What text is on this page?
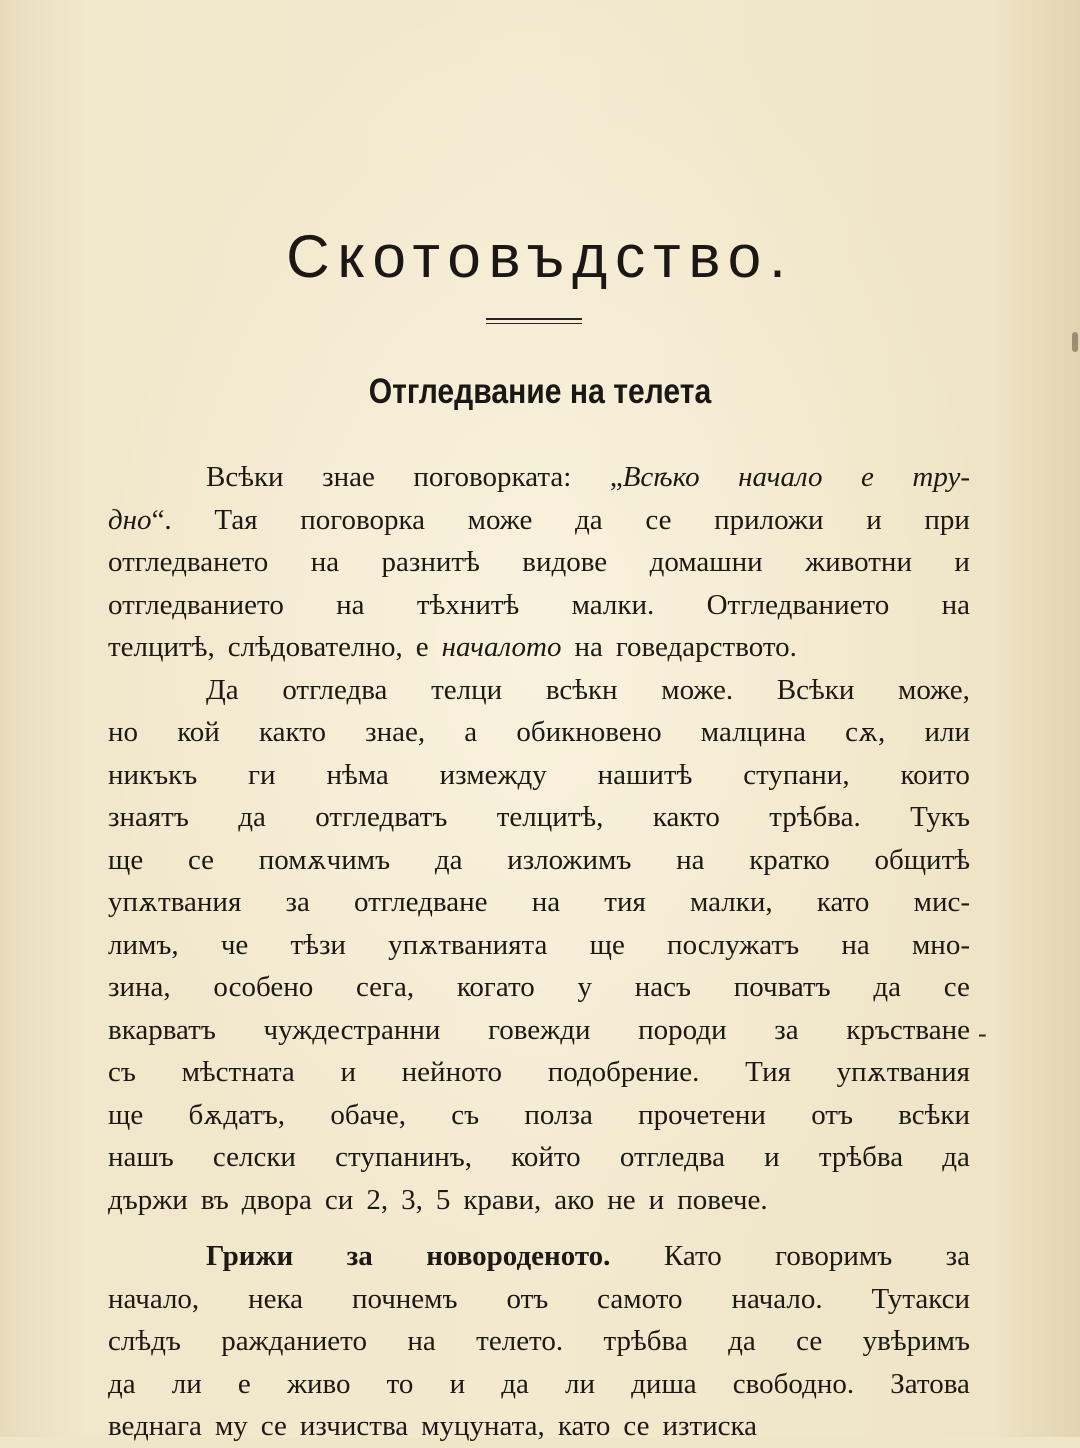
Скотовъдство.
Отгледвание на телета
Всѣки знае поговорката: „Всѣко начало е тру-
дно“. Тая поговорка може да се приложи и при
отгледването на разнитѣ видове домашни животни и
отгледванието на тѣхнитѣ малки. Отгледванието на
телцитѣ, слѣдователно, е началото на говедарството.
Да отгледва телци всѣкн може. Всѣки може,
но кой както знае, а обикновено малцина сѫ, или
никъкъ ги нѣма измежду нашитѣ ступани, които
знаятъ да отгледватъ телцитѣ, както трѣбва. Тукъ
ще се помѫчимъ да изложимъ на кратко общитѣ
упѫтвания за отгледване на тия малки, като мис-
лимъ, че тѣзи упѫтванията ще послужатъ на мно-
зина, особено сега, когато у насъ почватъ да се
вкарватъ чуждестранни говежди породи за кръстване
съ мѣстната и нейното подобрение. Тия упѫтвания
ще бѫдатъ, обаче, съ полза прочетени отъ всѣки
нашъ селски ступанинъ, който отгледва и трѣбва да
държи въ двора си 2, 3, 5 крави, ако не и повече.
Грижи за новороденото. Като говоримъ за
начало, нека почнемъ отъ самото начало. Тутакси
слѣдъ ражданието на телето. трѣбва да се увѣримъ
да ли е живо то и да ли диша свободно. Затова
веднага му се изчиства муцуната, като се изтиска
-
